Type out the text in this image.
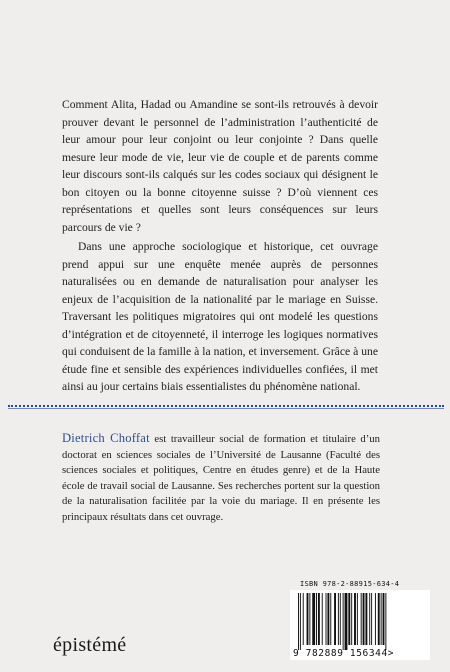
Comment Alita, Hadad ou Amandine se sont-ils retrouvés à devoir prouver devant le personnel de l’administration l’authenticité de leur amour pour leur conjoint ou leur conjointe ? Dans quelle mesure leur mode de vie, leur vie de couple et de parents comme leur discours sont-ils calqués sur les codes sociaux qui désignent le bon citoyen ou la bonne citoyenne suisse ? D’où viennent ces représentations et quelles sont leurs conséquences sur leurs parcours de vie ?

Dans une approche sociologique et historique, cet ouvrage prend appui sur une enquête menée auprès de personnes naturalisées ou en demande de naturalisation pour analyser les enjeux de l’acquisition de la nationalité par le mariage en Suisse. Traversant les politiques migratoires qui ont modelé les questions d’intégration et de citoyenneté, il interroge les logiques normatives qui conduisent de la famille à la nation, et inversement. Grâce à une étude fine et sensible des expériences individuelles confiées, il met ainsi au jour certains biais essentialistes du phénomène national.

Dietrich Choffat est travailleur social de formation et titulaire d’un doctorat en sciences sociales de l’Université de Lausanne (Faculté des sciences sociales et politiques, Centre en études genre) et de la Haute école de travail social de Lausanne. Ses recherches portent sur la question de la naturalisation facilitée par la voie du mariage. Il en présente les principaux résultats dans cet ouvrage.

ISBN 978-2-88915-634-4
9 782889 156344>
épistémé
